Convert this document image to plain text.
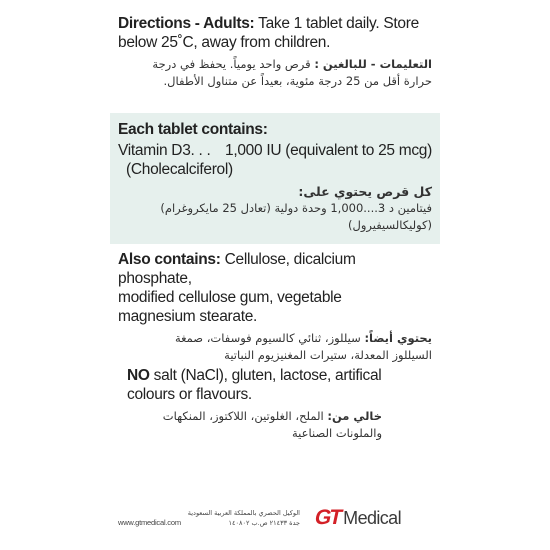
Directions - Adults: Take 1 tablet daily. Store
below 25˚C, away from children.

التعليمات - للبالغين : قرص واحد يومياً. يحفظ في درجة
حرارة أقل من 25 درجة مئوية، بعيداً عن متناول الأطفال.

Each tablet contains:

Vitamin D3. . . 1,000 IU (equivalent to 25 mcg)

(Cholecalciferol)

كل قرص يحتوي على:

فيتامين د 3....1,000 وحدة دولية (تعادل 25 مايكروغرام)

(كوليكالسيفيرول)

Also contains: Cellulose, dicalcium phosphate,
modified cellulose gum, vegetable
magnesium stearate.

يحتوي أيضاً: سيللوز، ثنائي كالسيوم فوسفات، صمغة
السيللوز المعدلة، ستيرات المغنيزيوم النباتية

NO salt (NaCl), gluten, lactose, artifical
colours or flavours.

خالي من: الملح، الغلوتين، اللاكتوز، المنكهات
والملونات الصناعية

www.gtmedical.com
الوكيل الحصري بالمملكة العربية السعودية
جدة ٢١٤٣٣ ص.ب ١٤٠٨٠٢ GT Medical
